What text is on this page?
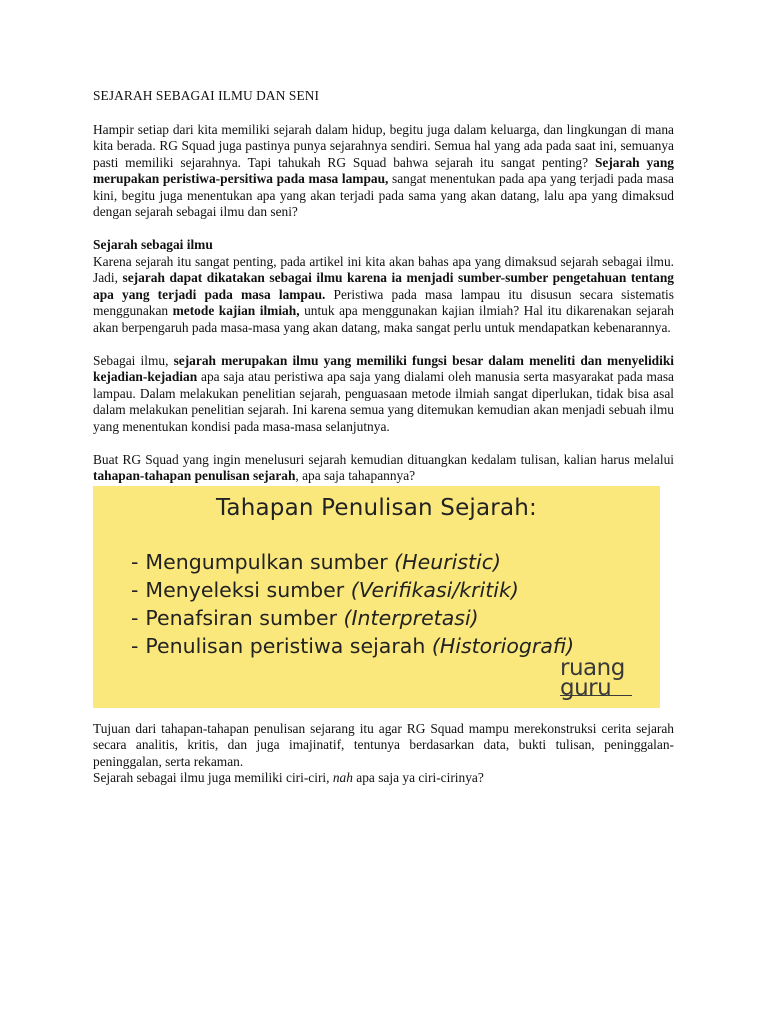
SEJARAH SEBAGAI ILMU DAN SENI

Hampir setiap dari kita memiliki sejarah dalam hidup, begitu juga dalam keluarga, dan lingkungan di mana kita berada. RG Squad juga pastinya punya sejarahnya sendiri. Semua hal yang ada pada saat ini, semuanya pasti memiliki sejarahnya. Tapi tahukah RG Squad bahwa sejarah itu sangat penting? Sejarah yang merupakan peristiwa-persitiwa pada masa lampau, sangat menentukan pada apa yang terjadi pada masa kini, begitu juga menentukan apa yang akan terjadi pada sama yang akan datang, lalu apa yang dimaksud dengan sejarah sebagai ilmu dan seni?

Sejarah sebagai ilmu

Karena sejarah itu sangat penting, pada artikel ini kita akan bahas apa yang dimaksud sejarah sebagai ilmu. Jadi, sejarah dapat dikatakan sebagai ilmu karena ia menjadi sumber-sumber pengetahuan tentang apa yang terjadi pada masa lampau. Peristiwa pada masa lampau itu disusun secara sistematis menggunakan metode kajian ilmiah, untuk apa menggunakan kajian ilmiah? Hal itu dikarenakan sejarah akan berpengaruh pada masa-masa yang akan datang, maka sangat perlu untuk mendapatkan kebenarannya.

Sebagai ilmu, sejarah merupakan ilmu yang memiliki fungsi besar dalam meneliti dan menyelidiki kejadian-kejadian apa saja atau peristiwa apa saja yang dialami oleh manusia serta masyarakat pada masa lampau. Dalam melakukan penelitian sejarah, penguasaan metode ilmiah sangat diperlukan, tidak bisa asal dalam melakukan penelitian sejarah. Ini karena semua yang ditemukan kemudian akan menjadi sebuah ilmu yang menentukan kondisi pada masa-masa selanjutnya.

Buat RG Squad yang ingin menelusuri sejarah kemudian dituangkan kedalam tulisan, kalian harus melalui tahapan-tahapan penulisan sejarah, apa saja tahapannya?

Tahapan Penulisan Sejarah:
- Mengumpulkan sumber (Heuristic)
- Menyeleksi sumber (Verifikasi/kritik)
- Penafsiran sumber (Interpretasi)
- Penulisan peristiwa sejarah (Historiografi)
ruang
guru

Tujuan dari tahapan-tahapan penulisan sejarang itu agar RG Squad mampu merekonstruksi cerita sejarah secara analitis, kritis, dan juga imajinatif, tentunya berdasarkan data, bukti tulisan, peninggalan-peninggalan, serta rekaman.

Sejarah sebagai ilmu juga memiliki ciri-ciri, nah apa saja ya ciri-cirinya?
